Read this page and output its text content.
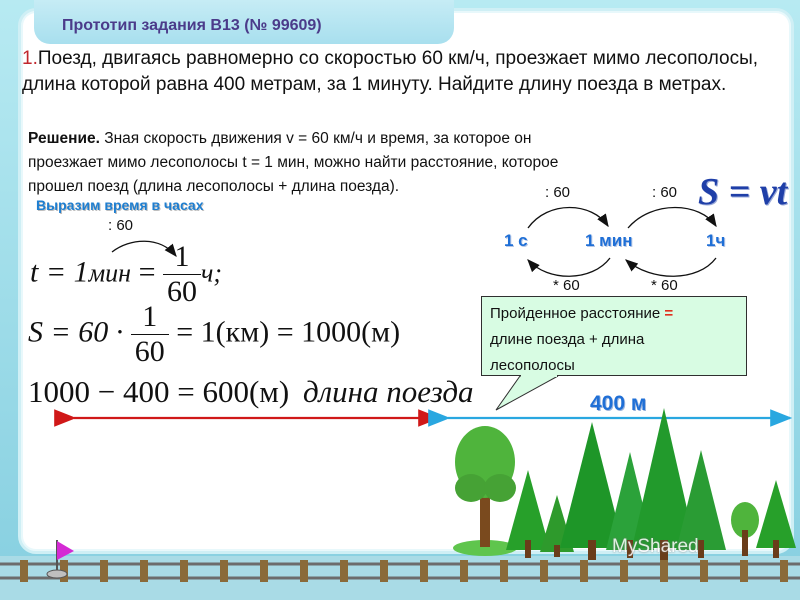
Прототип задания B13 (№ 99609)
1.Поезд, двигаясь равномерно со скоростью 60 км/ч, проезжает мимо лесополосы, длина которой равна 400 метрам, за 1 минуту. Найдите длину поезда в метрах.
Решение. Зная скорость движения v = 60 км/ч и время, за которое он
проезжает мимо лесополосы t = 1 мин, можно найти расстояние, которое
прошел поезд (длина лесополосы + длина поезда).
Выразим время в часах
: 60
S = vt
: 60	: 60
1 с	1 мин	1ч
* 60	* 60
$t = 1мин = \frac{1}{60} ч$;
$S = 60 \cdot \frac{1}{60} = 1(км) = 1000(м)$
1000 − 400 = 600(м) длина поезда
Пройденное расстояние =
длине поезда + длина
лесополосы
400 м
MyShared
